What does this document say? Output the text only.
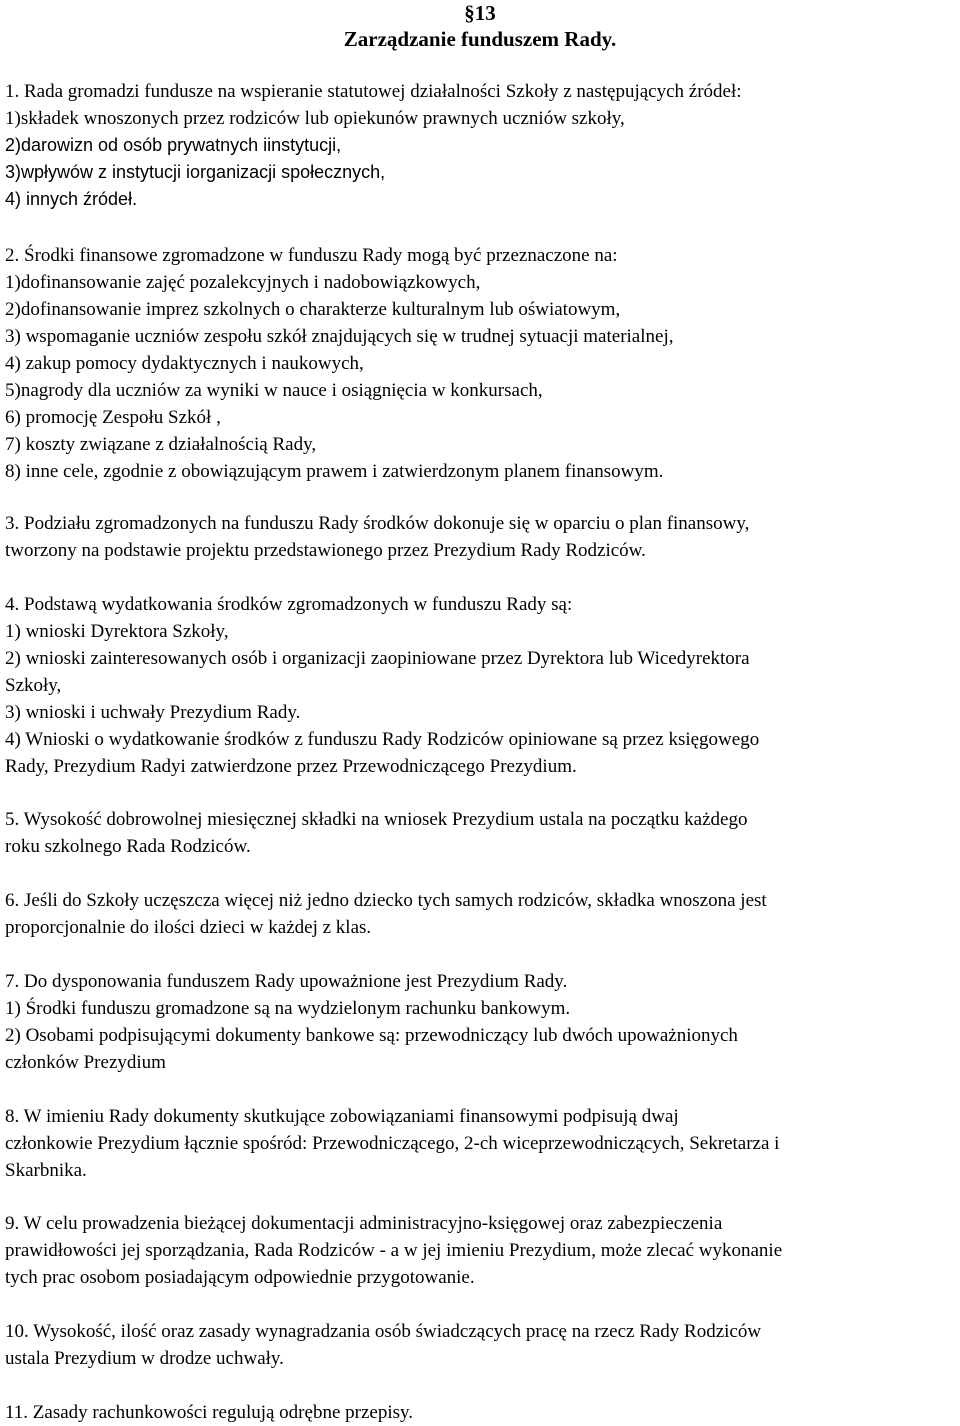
§13

Zarządzanie funduszem Rady.

1. Rada gromadzi fundusze na wspieranie statutowej działalności Szkoły z następujących źródeł:

1)składek wnoszonych przez rodziców lub opiekunów prawnych uczniów szkoły,

2)darowizn od osób prywatnych iinstytucji,

3)wpływów z instytucji iorganizacji społecznych,

4) innych źródeł.

2. Środki finansowe zgromadzone w funduszu Rady mogą być przeznaczone na:

1)dofinansowanie zajęć pozalekcyjnych i nadobowiązkowych,

2)dofinansowanie imprez szkolnych o charakterze kulturalnym lub oświatowym,

3) wspomaganie uczniów zespołu szkół znajdujących się w trudnej sytuacji materialnej,

4) zakup pomocy dydaktycznych i naukowych,

5)nagrody dla uczniów za wyniki w nauce i osiągnięcia w konkursach,

6) promocję Zespołu Szkół ,

7) koszty związane z działalnością Rady,

8) inne cele, zgodnie z obowiązującym prawem i zatwierdzonym planem finansowym.

3. Podziału zgromadzonych na funduszu Rady środków dokonuje się w oparciu o plan finansowy,

tworzony na podstawie projektu przedstawionego przez Prezydium Rady Rodziców.

4. Podstawą wydatkowania środków zgromadzonych w funduszu Rady są:

1) wnioski Dyrektora Szkoły,

2) wnioski zainteresowanych osób i organizacji zaopiniowane przez Dyrektora lub Wicedyrektora

Szkoły,

3) wnioski i uchwały Prezydium Rady.

4) Wnioski o wydatkowanie środków z funduszu Rady Rodziców opiniowane są przez księgowego

Rady, Prezydium Radyi zatwierdzone przez Przewodniczącego Prezydium.

5. Wysokość dobrowolnej miesięcznej składki na wniosek Prezydium ustala na początku każdego

roku szkolnego Rada Rodziców.

6. Jeśli do Szkoły uczęszcza więcej niż jedno dziecko tych samych rodziców, składka wnoszona jest

proporcjonalnie do ilości dzieci w każdej z klas.

7. Do dysponowania funduszem Rady upoważnione jest Prezydium Rady.

1) Środki funduszu gromadzone są na wydzielonym rachunku bankowym.

2) Osobami podpisującymi dokumenty bankowe są: przewodniczący lub dwóch upoważnionych

członków Prezydium

8. W imieniu Rady dokumenty skutkujące zobowiązaniami finansowymi podpisują dwaj

członkowie Prezydium łącznie spośród: Przewodniczącego, 2-ch wiceprzewodniczących, Sekretarza i

Skarbnika.

9. W celu prowadzenia bieżącej dokumentacji administracyjno-księgowej oraz zabezpieczenia

prawidłowości jej sporządzania, Rada Rodziców - a w jej imieniu Prezydium, może zlecać wykonanie

tych prac osobom posiadającym odpowiednie przygotowanie.

10. Wysokość, ilość oraz zasady wynagradzania osób świadczących pracę na rzecz Rady Rodziców

ustala Prezydium w drodze uchwały.

11. Zasady rachunkowości regulują odrębne przepisy.
